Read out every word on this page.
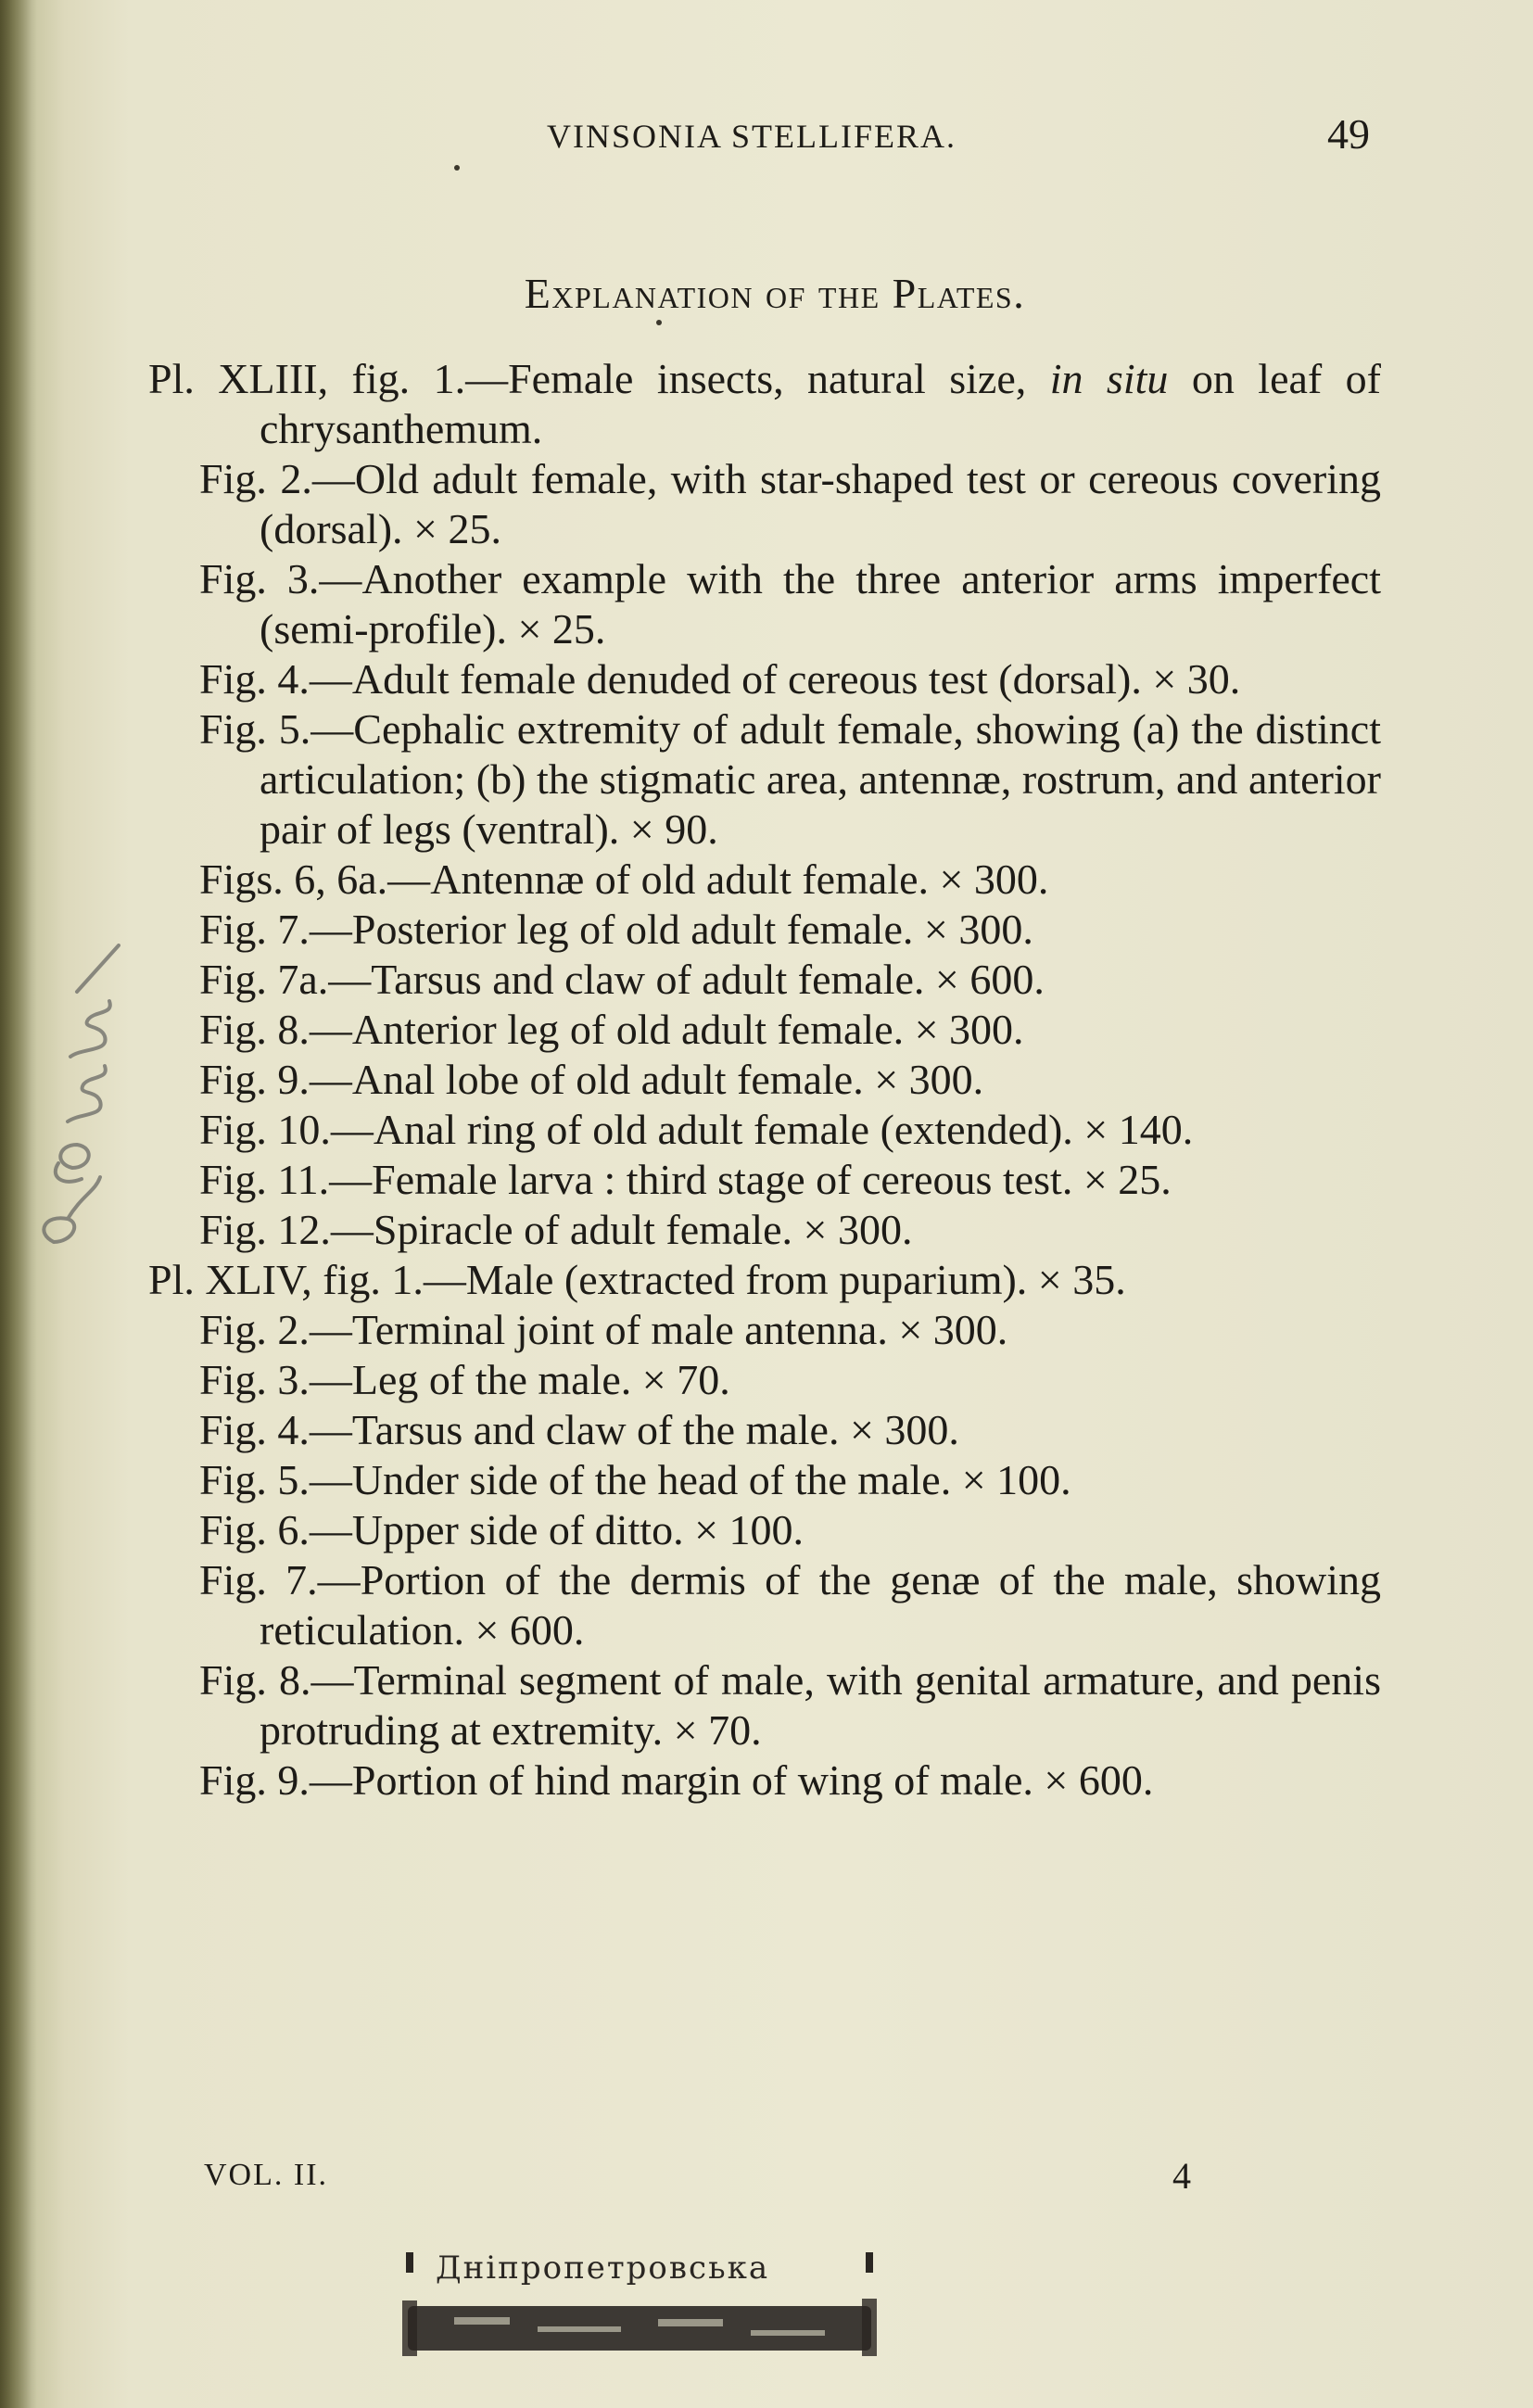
VINSONIA STELLIFERA.	49
Explanation of the Plates.

Pl. XLIII, fig. 1.—Female insects, natural size, in situ on leaf of chrysanthemum.

Fig. 2.—Old adult female, with star-shaped test or cereous covering (dorsal). × 25.

Fig. 3.—Another example with the three anterior arms imperfect (semi-profile). × 25.

Fig. 4.—Adult female denuded of cereous test (dorsal). × 30.

Fig. 5.—Cephalic extremity of adult female, showing (a) the distinct articulation; (b) the stigmatic area, antennæ, rostrum, and anterior pair of legs (ventral). × 90.

Figs. 6, 6a.—Antennæ of old adult female. × 300.

Fig. 7.—Posterior leg of old adult female. × 300.

Fig. 7a.—Tarsus and claw of adult female. × 600.

Fig. 8.—Anterior leg of old adult female. × 300.

Fig. 9.—Anal lobe of old adult female. × 300.

Fig. 10.—Anal ring of old adult female (extended). × 140.

Fig. 11.—Female larva : third stage of cereous test. × 25.

Fig. 12.—Spiracle of adult female. × 300.

Pl. XLIV, fig. 1.—Male (extracted from puparium). × 35.

Fig. 2.—Terminal joint of male antenna. × 300.

Fig. 3.—Leg of the male. × 70.

Fig. 4.—Tarsus and claw of the male. × 300.

Fig. 5.—Under side of the head of the male. × 100.

Fig. 6.—Upper side of ditto. × 100.

Fig. 7.—Portion of the dermis of the genæ of the male, showing reticulation. × 600.

Fig. 8.—Terminal segment of male, with genital armature, and penis protruding at extremity. × 70.

Fig. 9.—Portion of hind margin of wing of male. × 600.

VOL. II.	4
Дніпропетровська
